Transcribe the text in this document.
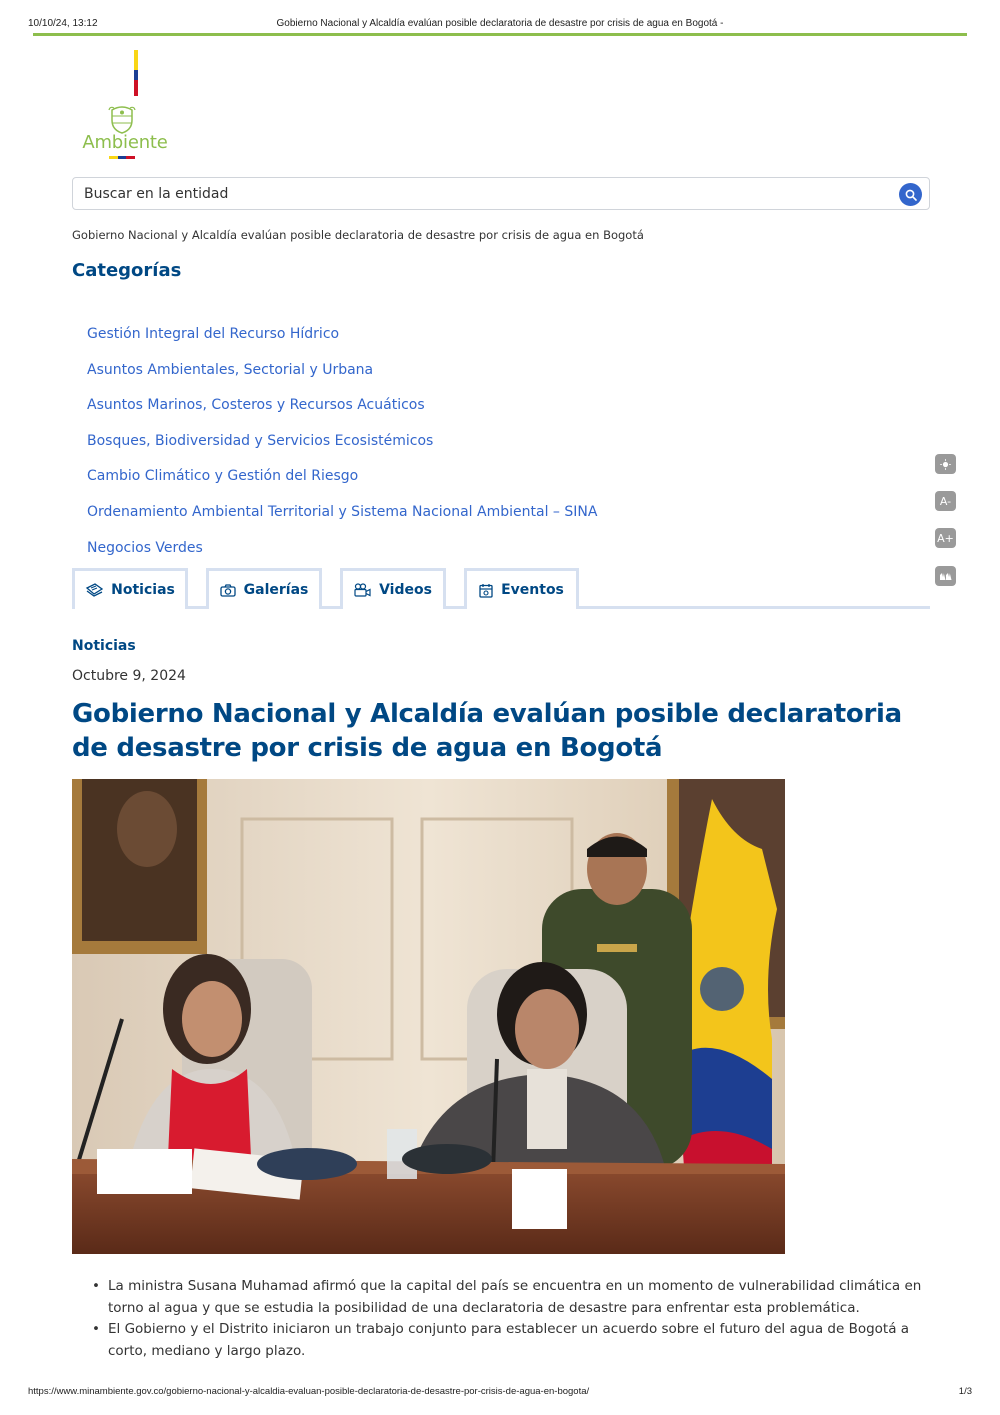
10/10/24, 13:12	Gobierno Nacional y Alcaldía evalúan posible declaratoria de desastre por crisis de agua en Bogotá -
Ambiente
Buscar en la entidad
Gobierno Nacional y Alcaldía evalúan posible declaratoria de desastre por crisis de agua en Bogotá
Categorías
Gestión Integral del Recurso Hídrico
Asuntos Ambientales, Sectorial y Urbana
Asuntos Marinos, Costeros y Recursos Acuáticos
Bosques, Biodiversidad y Servicios Ecosistémicos
Cambio Climático y Gestión del Riesgo
Ordenamiento Ambiental Territorial y Sistema Nacional Ambiental – SINA
Negocios Verdes
A-
A+
Noticias	Galerías	Videos	Eventos
Noticias
Octubre 9, 2024
Gobierno Nacional y Alcaldía evalúan posible declaratoria de desastre por crisis de agua en Bogotá
• La ministra Susana Muhamad afirmó que la capital del país se encuentra en un momento de vulnerabilidad climática en torno al agua y que se estudia la posibilidad de una declaratoria de desastre para enfrentar esta problemática.
• El Gobierno y el Distrito iniciaron un trabajo conjunto para establecer un acuerdo sobre el futuro del agua de Bogotá a corto, mediano y largo plazo.
https://www.minambiente.gov.co/gobierno-nacional-y-alcaldia-evaluan-posible-declaratoria-de-desastre-por-crisis-de-agua-en-bogota/	1/3
